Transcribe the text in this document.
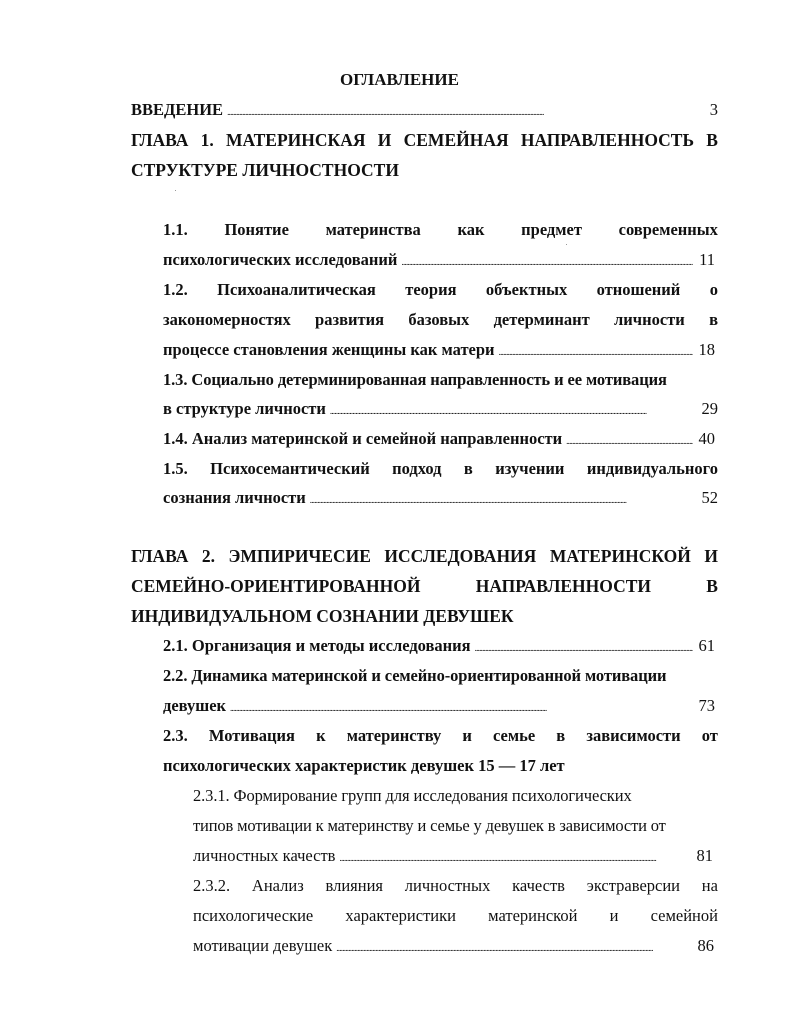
ОГЛАВЛЕНИЕ
ВВЕДЕНИЕ . . .	3
ГЛАВА 1. МАТЕРИНСКАЯ И СЕМЕЙНАЯ НАПРАВЛЕННОСТЬ В
СТРУКТУРЕ ЛИЧНОСТНОСТИ
1.1. Понятие материнства как предмет современных
психологических исследований . . .	11
1.2. Психоаналитическая теория объектных отношений о
закономерностях развития базовых детерминант личности в
процессе становления женщины как матери . . .	18
1.3. Социально детерминированная направленность и ее мотивация
в структуре личности . . .	29
1.4. Анализ материнской и семейной направленности . . .	40
1.5. Психосемантический подход в изучении индивидуального
сознания личности . . .	52
ГЛАВА 2. ЭМПИРИЧЕСИЕ ИССЛЕДОВАНИЯ МАТЕРИНСКОЙ И
СЕМЕЙНО-ОРИЕНТИРОВАННОЙ	НАПРАВЛЕННОСТИ	В
ИНДИВИДУАЛЬНОМ СОЗНАНИИ ДЕВУШЕК
2.1. Организация и методы исследования . . .	61
2.2. Динамика материнской и семейно-ориентированной мотивации
девушек . . .	73
2.3. Мотивация к материнству и семье в зависимости от
психологических характеристик девушек 15 — 17 лет
2.3.1. Формирование групп для исследования психологических
типов мотивации к материнству и семье у девушек в зависимости от
личностных качеств . . .	81
2.3.2. Анализ влияния личностных качеств экстраверсии на
психологические характеристики материнской и семейной
мотивации девушек . . .	86
